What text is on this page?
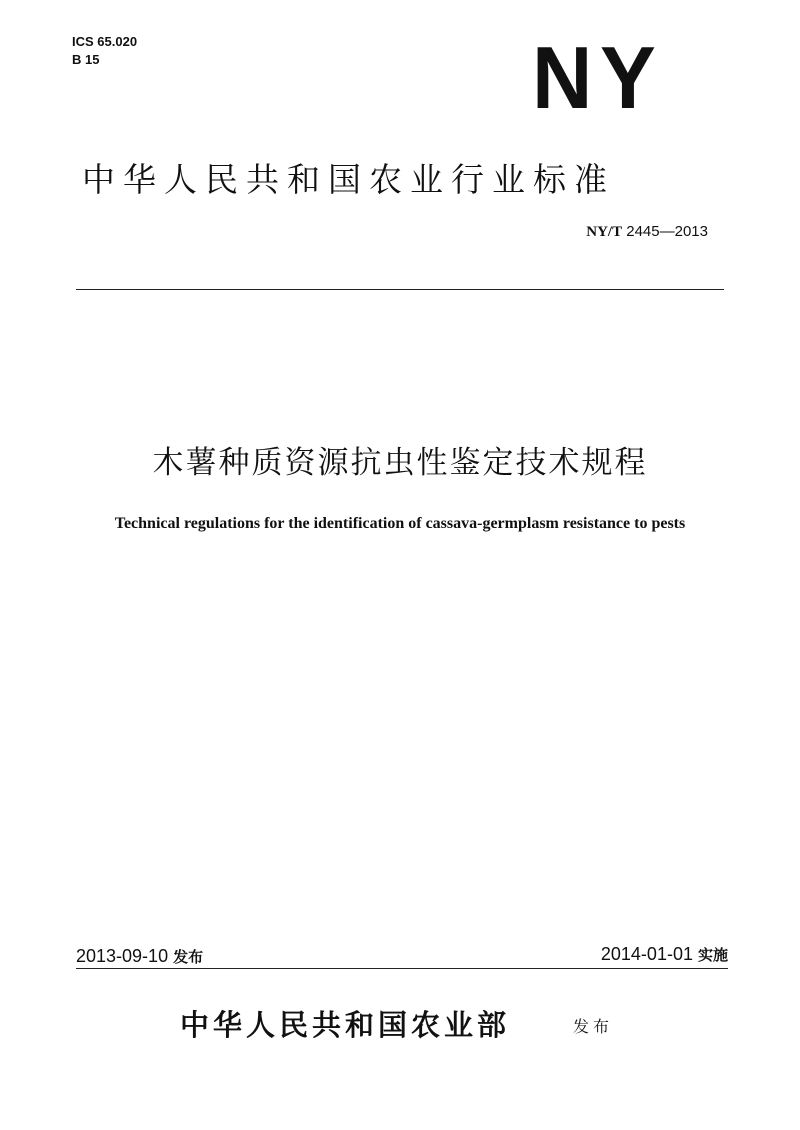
ICS 65.020
B 15	NY
中华人民共和国农业行业标准
NY/T 2445—2013
木薯种质资源抗虫性鉴定技术规程
Technical regulations for the identification of cassava-germplasm resistance to pests
2013-09-10 发布	2014-01-01 实施
中华人民共和国农业部	发布
